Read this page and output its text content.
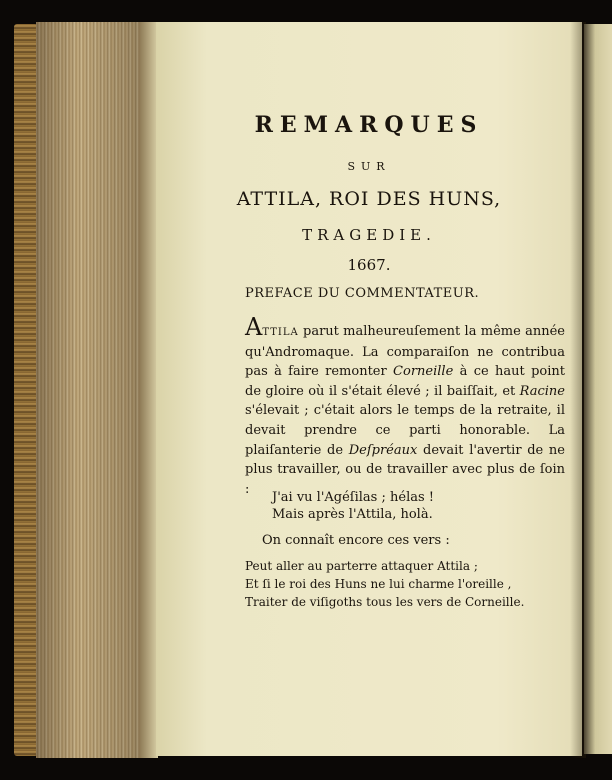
REMARQUES
SUR
ATTILA, ROI DES HUNS,
TRAGEDIE.
1667.
PREFACE DU COMMENTATEUR.

ATTILA parut malheureuſement la même année qu'Andromaque. La comparaiſon ne contribua pas à faire remonter Corneille à ce haut point de gloire où il s'était élevé ; il baiſſait, et Racine s'élevait ; c'était alors le temps de la retraite, il devait prendre ce parti honorable. La plaiſanterie de Deſpréaux devait l'avertir de ne plus travailler, ou de travailler avec plus de ſoin :

J'ai vu l'Agéſilas ; hélas !

Mais après l'Attila, holà.

On connaît encore ces vers :

Peut aller au parterre attaquer Attila ;

Et ſi le roi des Huns ne lui charme l'oreille ,

Traiter de viſigoths tous les vers de Corneille.
